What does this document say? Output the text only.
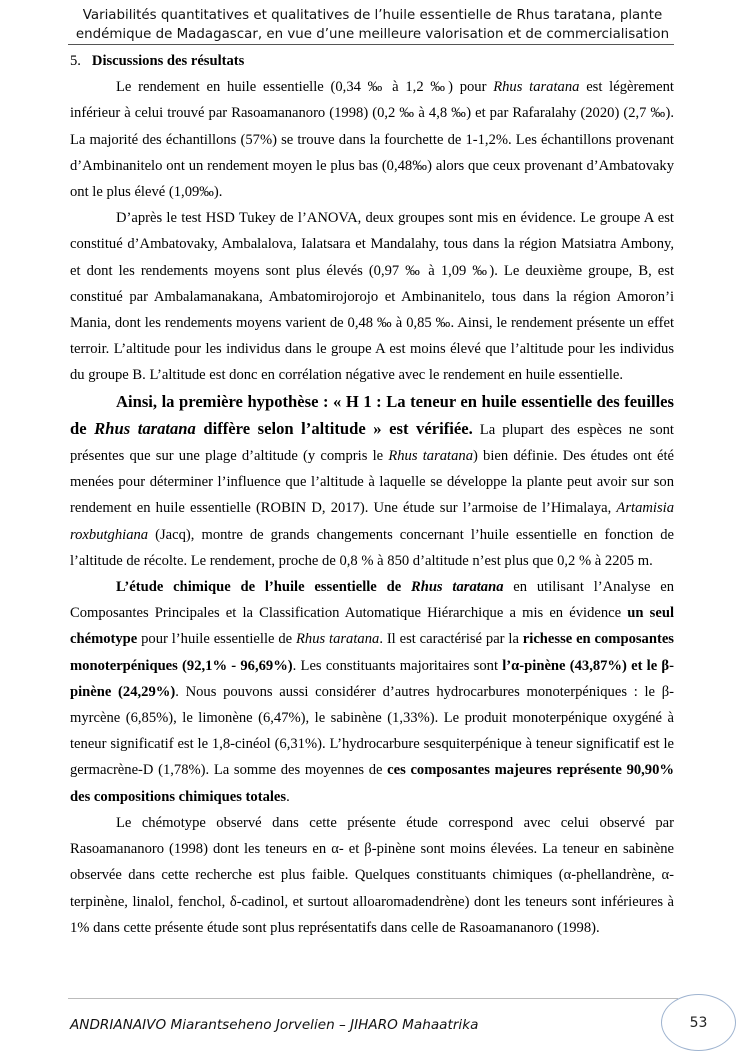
Variabilités quantitatives et qualitatives de l’huile essentielle de Rhus taratana, plante
endémique de Madagascar, en vue d’une meilleure valorisation et de commercialisation

5. Discussions des résultats

Le rendement en huile essentielle (0,34 ‰ à 1,2 ‰) pour Rhus taratana est légèrement inférieur à celui trouvé par Rasoamananoro (1998) (0,2 ‰ à 4,8 ‰) et par Rafaralahy (2020) (2,7 ‰). La majorité des échantillons (57%) se trouve dans la fourchette de 1-1,2%. Les échantillons provenant d’Ambinanitelo ont un rendement moyen le plus bas (0,48‰) alors que ceux provenant d’Ambatovaky ont le plus élevé (1,09‰).

D’après le test HSD Tukey de l’ANOVA, deux groupes sont mis en évidence. Le groupe A est constitué d’Ambatovaky, Ambalalova, Ialatsara et Mandalahy, tous dans la région Matsiatra Ambony, et dont les rendements moyens sont plus élevés (0,97 ‰ à 1,09 ‰). Le deuxième groupe, B, est constitué par Ambalamanakana, Ambatomirojorojo et Ambinanitelo, tous dans la région Amoron’i Mania, dont les rendements moyens varient de 0,48 ‰ à 0,85 ‰. Ainsi, le rendement présente un effet terroir. L’altitude pour les individus dans le groupe A est moins élevé que l’altitude pour les individus du groupe B. L’altitude est donc en corrélation négative avec le rendement en huile essentielle.

Ainsi, la première hypothèse : « H 1 : La teneur en huile essentielle des feuilles de Rhus taratana diffère selon l’altitude » est vérifiée. La plupart des espèces ne sont présentes que sur une plage d’altitude (y compris le Rhus taratana) bien définie. Des études ont été menées pour déterminer l’influence que l’altitude à laquelle se développe la plante peut avoir sur son rendement en huile essentielle (ROBIN D, 2017). Une étude sur l’armoise de l’Himalaya, Artamisia roxbutghiana (Jacq), montre de grands changements concernant l’huile essentielle en fonction de l’altitude de récolte. Le rendement, proche de 0,8 % à 850 d’altitude n’est plus que 0,2 % à 2205 m.

L’étude chimique de l’huile essentielle de Rhus taratana en utilisant l’Analyse en Composantes Principales et la Classification Automatique Hiérarchique a mis en évidence un seul chémotype pour l’huile essentielle de Rhus taratana. Il est caractérisé par la richesse en composantes monoterpéniques (92,1% - 96,69%). Les constituants majoritaires sont l’α-pinène (43,87%) et le β-pinène (24,29%). Nous pouvons aussi considérer d’autres hydrocarbures monoterpéniques : le β-myrcène (6,85%), le limonène (6,47%), le sabinène (1,33%). Le produit monoterpénique oxygéné à teneur significatif est le 1,8-cinéol (6,31%). L’hydrocarbure sesquiterpénique à teneur significatif est le germacrène-D (1,78%). La somme des moyennes de ces composantes majeures représente 90,90% des compositions chimiques totales.

Le chémotype observé dans cette présente étude correspond avec celui observé par Rasoamananoro (1998) dont les teneurs en α- et β-pinène sont moins élevées. La teneur en sabinène observée dans cette recherche est plus faible. Quelques constituants chimiques (α-phellandrène, α-terpinène, linalol, fenchol, δ-cadinol, et surtout alloaromadendrène) dont les teneurs sont inférieures à 1% dans cette présente étude sont plus représentatifs dans celle de Rasoamananoro (1998).

ANDRIANAIVO Miarantseheno Jorvelien – JIHARO Mahaatrika	53
